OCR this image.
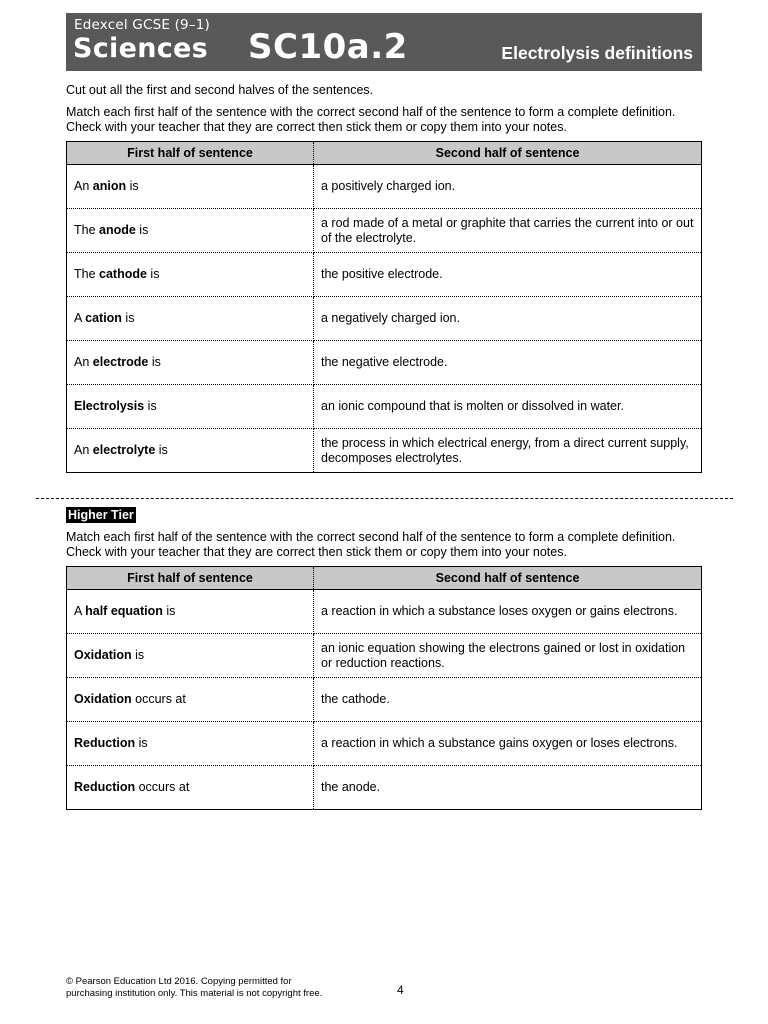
Edexcel GCSE (9–1)
Sciences SC10a.2	Electrolysis definitions
Cut out all the first and second halves of the sentences.
Match each first half of the sentence with the correct second half of the sentence to form a complete definition.
Check with your teacher that they are correct then stick them or copy them into your notes.
First half of sentence	Second half of sentence
An anion is	a positively charged ion.
The anode is	a rod made of a metal or graphite that carries the current into or out of the electrolyte.
The cathode is	the positive electrode.
A cation is	a negatively charged ion.
An electrode is	the negative electrode.
Electrolysis is	an ionic compound that is molten or dissolved in water.
An electrolyte is	the process in which electrical energy, from a direct current supply, decomposes electrolytes.
Higher Tier
Match each first half of the sentence with the correct second half of the sentence to form a complete definition.
Check with your teacher that they are correct then stick them or copy them into your notes.
First half of sentence	Second half of sentence
A half equation is	a reaction in which a substance loses oxygen or gains electrons.
Oxidation is	an ionic equation showing the electrons gained or lost in oxidation or reduction reactions.
Oxidation occurs at	the cathode.
Reduction is	a reaction in which a substance gains oxygen or loses electrons.
Reduction occurs at	the anode.
© Pearson Education Ltd 2016. Copying permitted for
purchasing institution only. This material is not copyright free.	4
